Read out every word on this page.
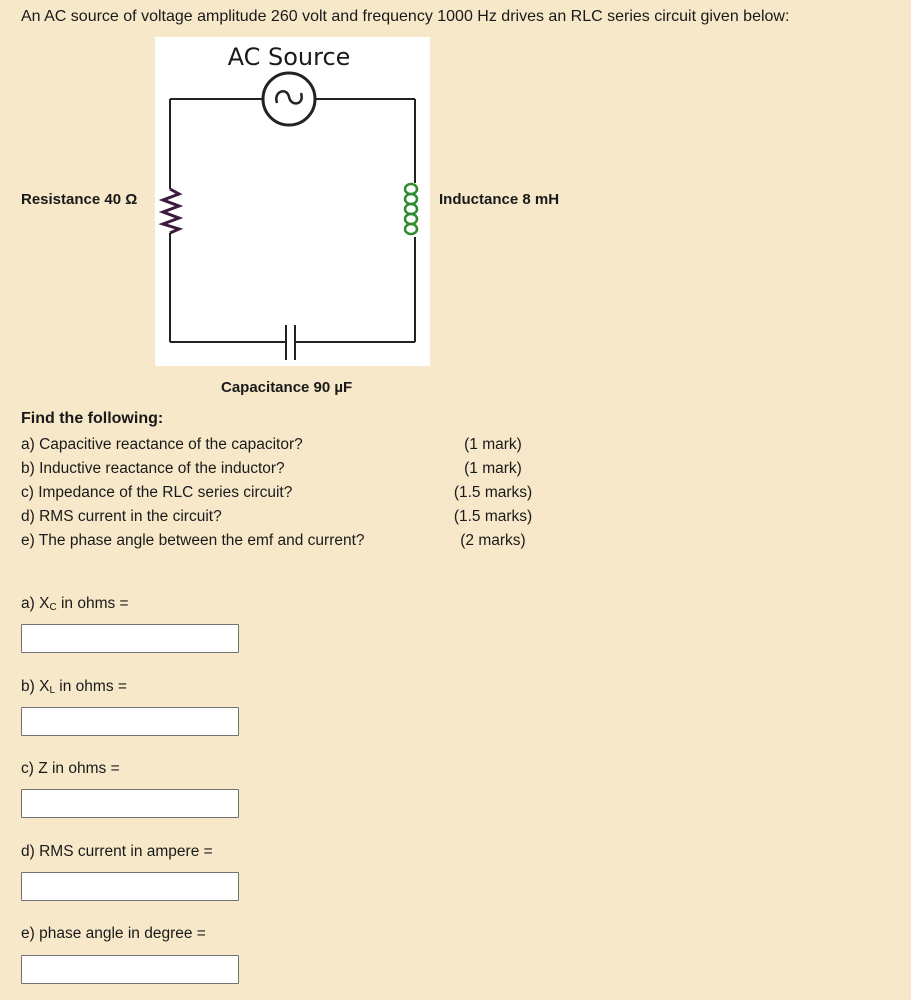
An AC source of voltage amplitude 260 volt and frequency 1000 Hz drives an RLC series circuit given below:
AC Source
Resistance 40 Ω	Inductance 8 mH
Capacitance 90 µF
Find the following:
a) Capacitive reactance of the capacitor?
b) Inductive reactance of the inductor?
c) Impedance of the RLC series circuit?
d) RMS current in the circuit?
e) The phase angle between the emf and current?
(1 mark)
(1 mark)
(1.5 marks)
(1.5 marks)
(2 marks)
a) $X_C$ in ohms =
b) $X_L$ in ohms =
c) Z in ohms =
d) RMS current in ampere =
e) phase angle in degree =
